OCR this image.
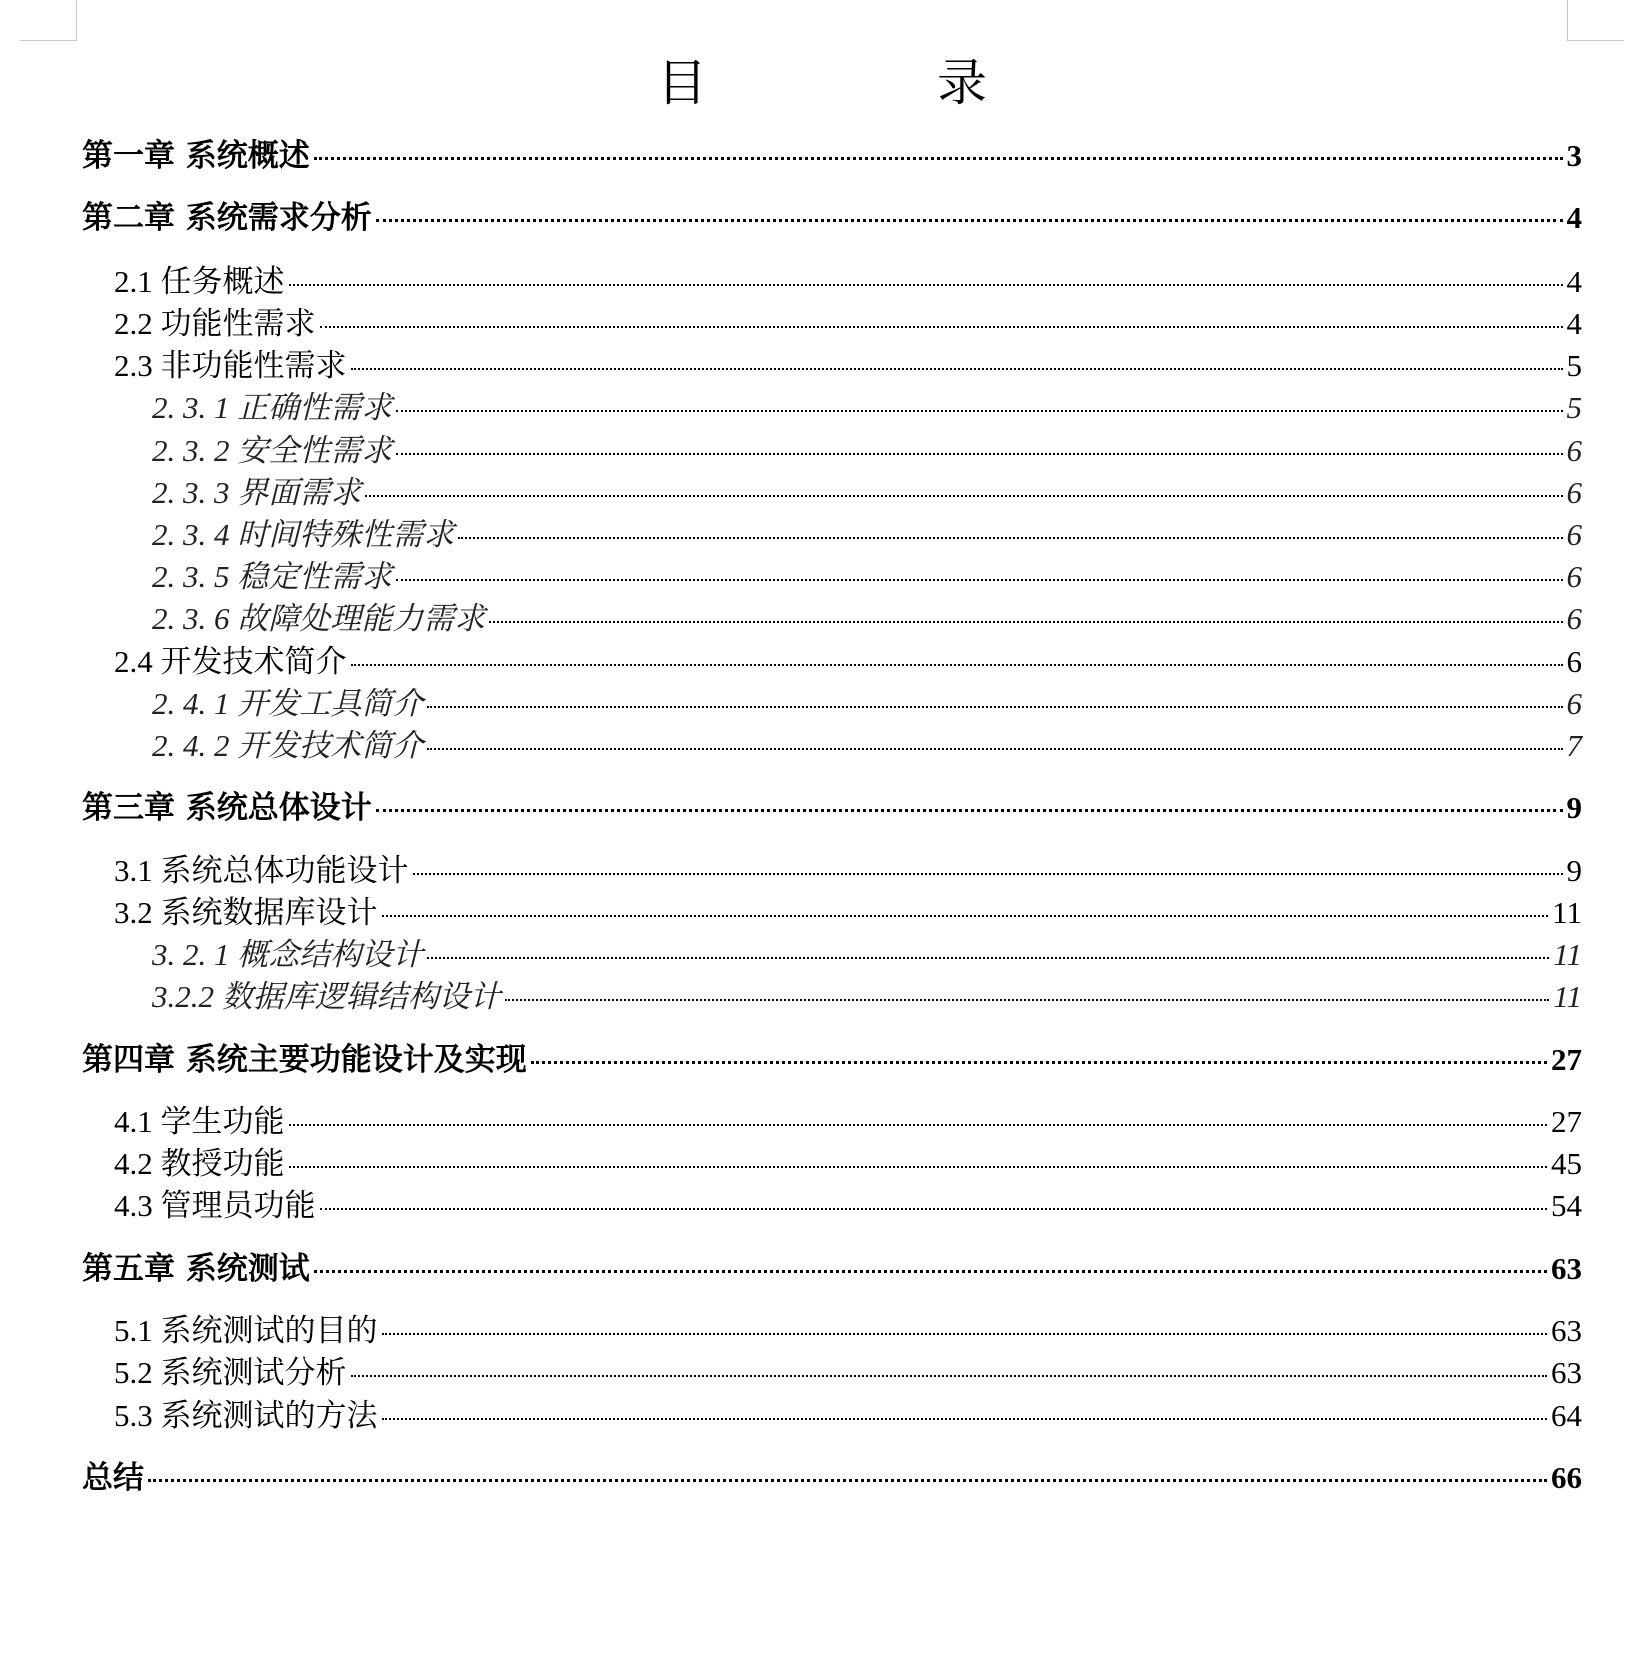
目　录
第一章 系统概述	3
第二章 系统需求分析	4
2.1 任务概述	4
2.2 功能性需求	4
2.3 非功能性需求	5
2. 3. 1 正确性需求	5
2. 3. 2 安全性需求	6
2. 3. 3 界面需求	6
2. 3. 4 时间特殊性需求	6
2. 3. 5 稳定性需求	6
2. 3. 6 故障处理能力需求	6
2.4 开发技术简介	6
2. 4. 1 开发工具简介	6
2. 4. 2 开发技术简介	7
第三章 系统总体设计	9
3.1 系统总体功能设计	9
3.2 系统数据库设计	11
3. 2. 1 概念结构设计	11
3.2.2 数据库逻辑结构设计	11
第四章 系统主要功能设计及实现	27
4.1 学生功能	27
4.2 教授功能	45
4.3 管理员功能	54
第五章 系统测试	63
5.1 系统测试的目的	63
5.2 系统测试分析	63
5.3 系统测试的方法	64
总结	66
